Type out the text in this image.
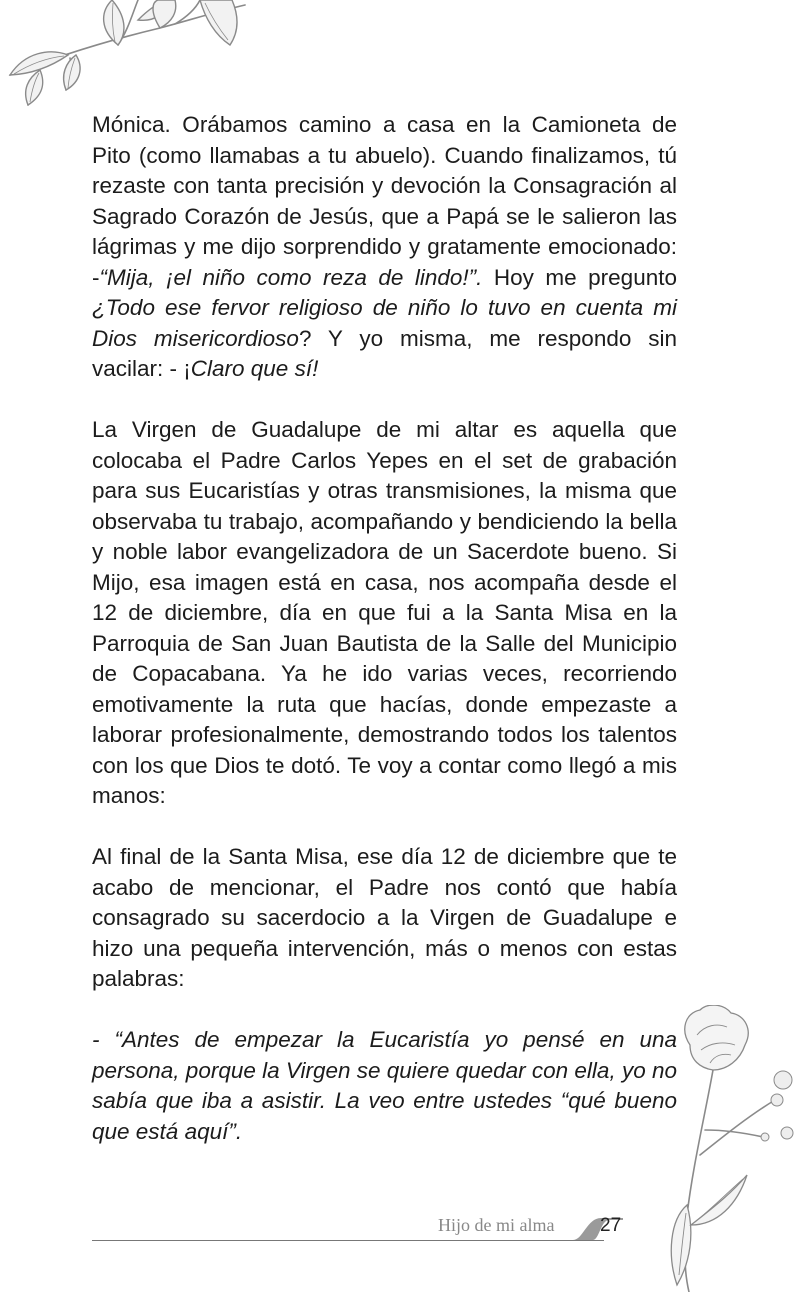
Mónica. Orábamos camino a casa en la Camioneta de Pito (como llamabas a tu abuelo). Cuando finalizamos, tú rezaste con tanta precisión y devoción la Consagración al Sagrado Corazón de Jesús, que a Papá se le salieron las lágrimas y me dijo sorprendido y gratamente emocionado: -“Mija, ¡el niño como reza de lindo!”. Hoy me pregunto ¿Todo ese fervor religioso de niño lo tuvo en cuenta mi Dios misericordioso? Y yo misma, me respondo sin vacilar: - ¡Claro que sí!

La Virgen de Guadalupe de mi altar es aquella que colocaba el Padre Carlos Yepes en el set de grabación para sus Eucaristías y otras transmisiones, la misma que observaba tu trabajo, acompañando y bendiciendo la bella y noble labor evangelizadora de un Sacerdote bueno. Si Mijo, esa imagen está en casa, nos acompaña desde el 12 de diciembre, día en que fui a la Santa Misa en la Parroquia de San Juan Bautista de la Salle del Municipio de Copacabana. Ya he ido varias veces, recorriendo emotivamente la ruta que hacías, donde empezaste a laborar profesionalmente, demostrando todos los talentos con los que Dios te dotó. Te voy a contar como llegó a mis manos:

Al final de la Santa Misa, ese día 12 de diciembre que te acabo de mencionar, el Padre nos contó que había consagrado su sacerdocio a la Virgen de Guadalupe e hizo una pequeña intervención, más o menos con estas palabras:

- “Antes de empezar la Eucaristía yo pensé en una persona, porque la Virgen se quiere quedar con ella, yo no sabía que iba a asistir. La veo entre ustedes “qué bueno que está aquí”.

Hijo de mi alma 27
